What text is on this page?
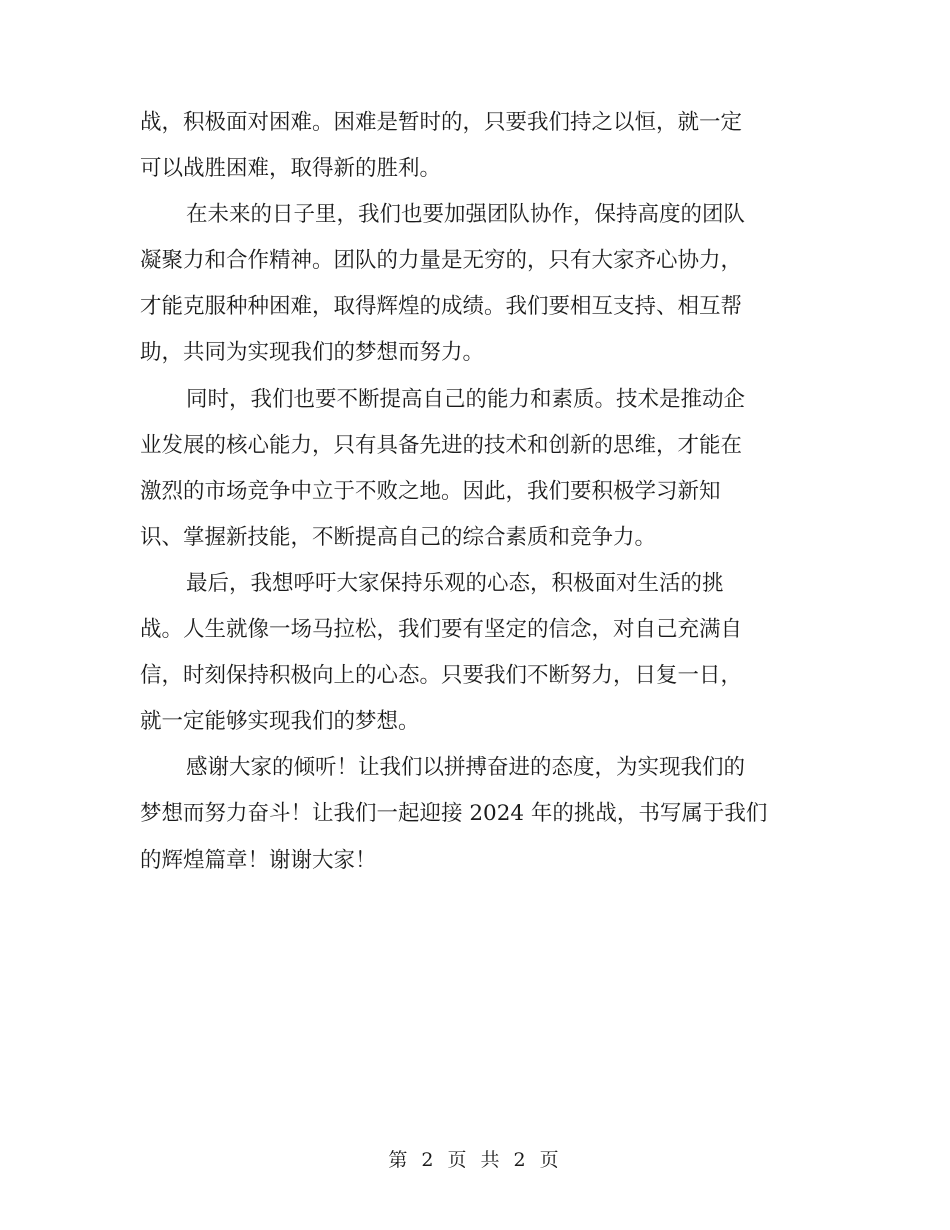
战，积极面对困难。困难是暂时的，只要我们持之以恒，就一定
可以战胜困难，取得新的胜利。
在未来的日子里，我们也要加强团队协作，保持高度的团队
凝聚力和合作精神。团队的力量是无穷的，只有大家齐心协力，
才能克服种种困难，取得辉煌的成绩。我们要相互支持、相互帮
助，共同为实现我们的梦想而努力。
同时，我们也要不断提高自己的能力和素质。技术是推动企
业发展的核心能力，只有具备先进的技术和创新的思维，才能在
激烈的市场竞争中立于不败之地。因此，我们要积极学习新知
识、掌握新技能，不断提高自己的综合素质和竞争力。
最后，我想呼吁大家保持乐观的心态，积极面对生活的挑
战。人生就像一场马拉松，我们要有坚定的信念，对自己充满自
信，时刻保持积极向上的心态。只要我们不断努力，日复一日，
就一定能够实现我们的梦想。
感谢大家的倾听！让我们以拼搏奋进的态度，为实现我们的
梦想而努力奋斗！让我们一起迎接 2024 年的挑战，书写属于我们
的辉煌篇章！谢谢大家！
第 2 页 共 2 页
